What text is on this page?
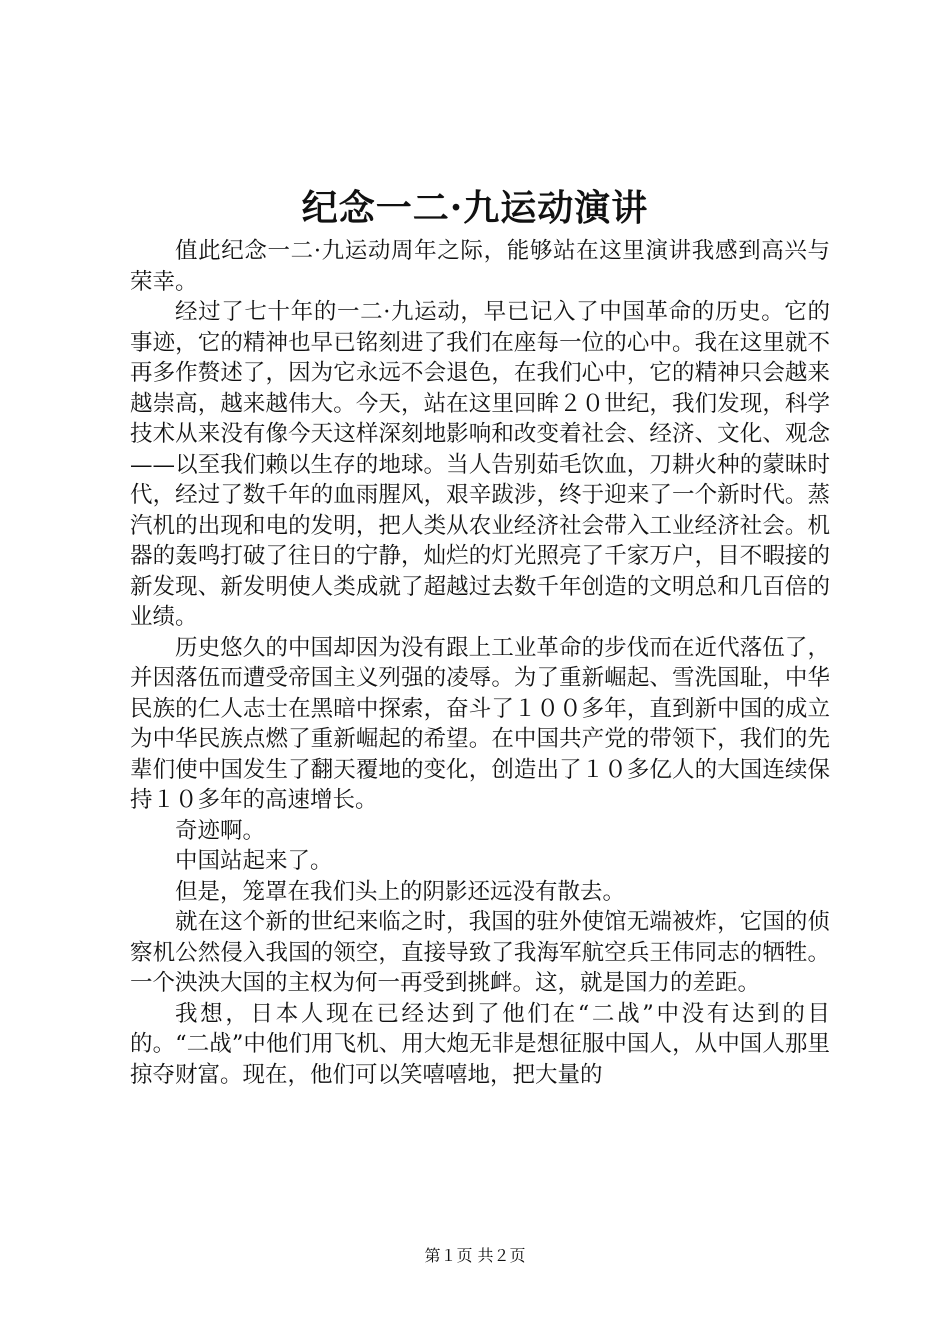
纪念一二·九运动演讲

值此纪念一二·九运动周年之际，能够站在这里演讲我感到高兴与荣幸。

经过了七十年的一二·九运动，早已记入了中国革命的历史。它的事迹，它的精神也早已铭刻进了我们在座每一位的心中。我在这里就不再多作赘述了，因为它永远不会退色，在我们心中，它的精神只会越来越崇高，越来越伟大。今天，站在这里回眸２０世纪，我们发现，科学技术从来没有像今天这样深刻地影响和改变着社会、经济、文化、观念——以至我们赖以生存的地球。当人告别茹毛饮血，刀耕火种的蒙昧时代，经过了数千年的血雨腥风，艰辛跋涉，终于迎来了一个新时代。蒸汽机的出现和电的发明，把人类从农业经济社会带入工业经济社会。机器的轰鸣打破了往日的宁静，灿烂的灯光照亮了千家万户，目不暇接的新发现、新发明使人类成就了超越过去数千年创造的文明总和几百倍的业绩。

历史悠久的中国却因为没有跟上工业革命的步伐而在近代落伍了，并因落伍而遭受帝国主义列强的凌辱。为了重新崛起、雪洗国耻，中华民族的仁人志士在黑暗中探索，奋斗了１００多年，直到新中国的成立为中华民族点燃了重新崛起的希望。在中国共产党的带领下，我们的先辈们使中国发生了翻天覆地的变化，创造出了１０多亿人的大国连续保持１０多年的高速增长。

奇迹啊。

中国站起来了。

但是，笼罩在我们头上的阴影还远没有散去。

就在这个新的世纪来临之时，我国的驻外使馆无端被炸，它国的侦察机公然侵入我国的领空，直接导致了我海军航空兵王伟同志的牺牲。一个泱泱大国的主权为何一再受到挑衅。这，就是国力的差距。

我想，日本人现在已经达到了他们在“二战”中没有达到的目的。“二战”中他们用飞机、用大炮无非是想征服中国人，从中国人那里掠夺财富。现在，他们可以笑嘻嘻地，把大量的

第１页 共２页
